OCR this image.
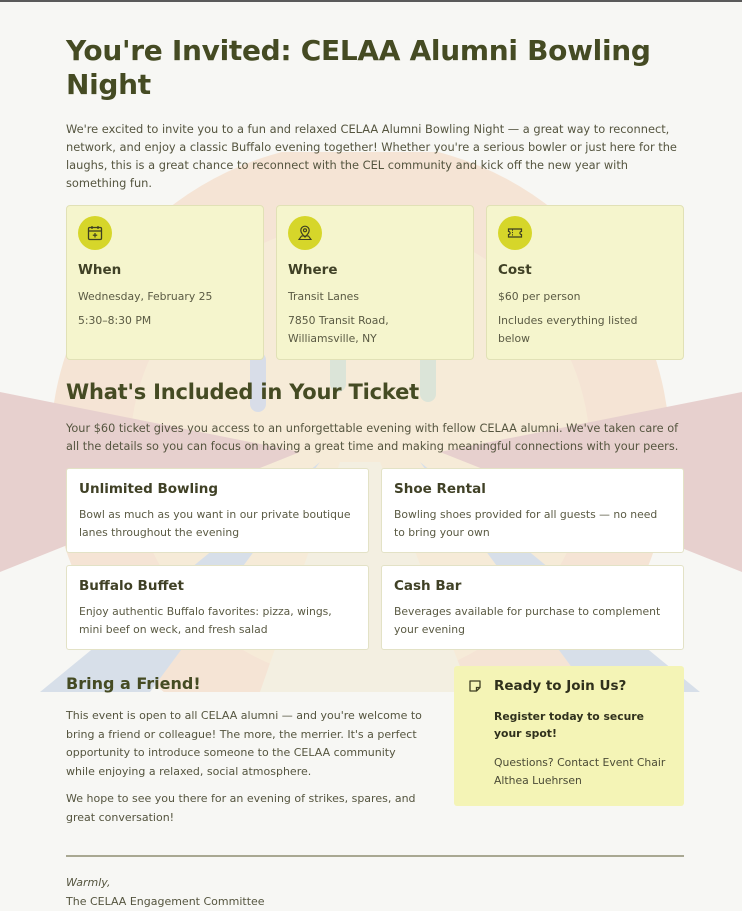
You're Invited: CELAA Alumni Bowling Night

We're excited to invite you to a fun and relaxed CELAA Alumni Bowling Night — a great way to reconnect, network, and enjoy a classic Buffalo evening together! Whether you're a serious bowler or just here for the laughs, this is a great chance to reconnect with the CEL community and kick off the new year with something fun.

When
Wednesday, February 25
5:30–8:30 PM
Where
Transit Lanes
7850 Transit Road, Williamsville, NY
Cost
$60 per person
Includes everything listed below
What's Included in Your Ticket

Your $60 ticket gives you access to an unforgettable evening with fellow CELAA alumni. We've taken care of all the details so you can focus on having a great time and making meaningful connections with your peers.

Unlimited Bowling
Bowl as much as you want in our private boutique lanes throughout the evening
Shoe Rental
Bowling shoes provided for all guests — no need to bring your own
Buffalo Buffet
Enjoy authentic Buffalo favorites: pizza, wings, mini beef on weck, and fresh salad
Cash Bar
Beverages available for purchase to complement your evening
Bring a Friend!

This event is open to all CELAA alumni — and you're welcome to bring a friend or colleague! The more, the merrier. It's a perfect opportunity to introduce someone to the CELAA community while enjoying a relaxed, social atmosphere.

We hope to see you there for an evening of strikes, spares, and great conversation!

Ready to Join Us?
Register today to secure your spot!
Questions? Contact Event Chair Althea Luehrsen
Warmly,
The CELAA Engagement Committee
